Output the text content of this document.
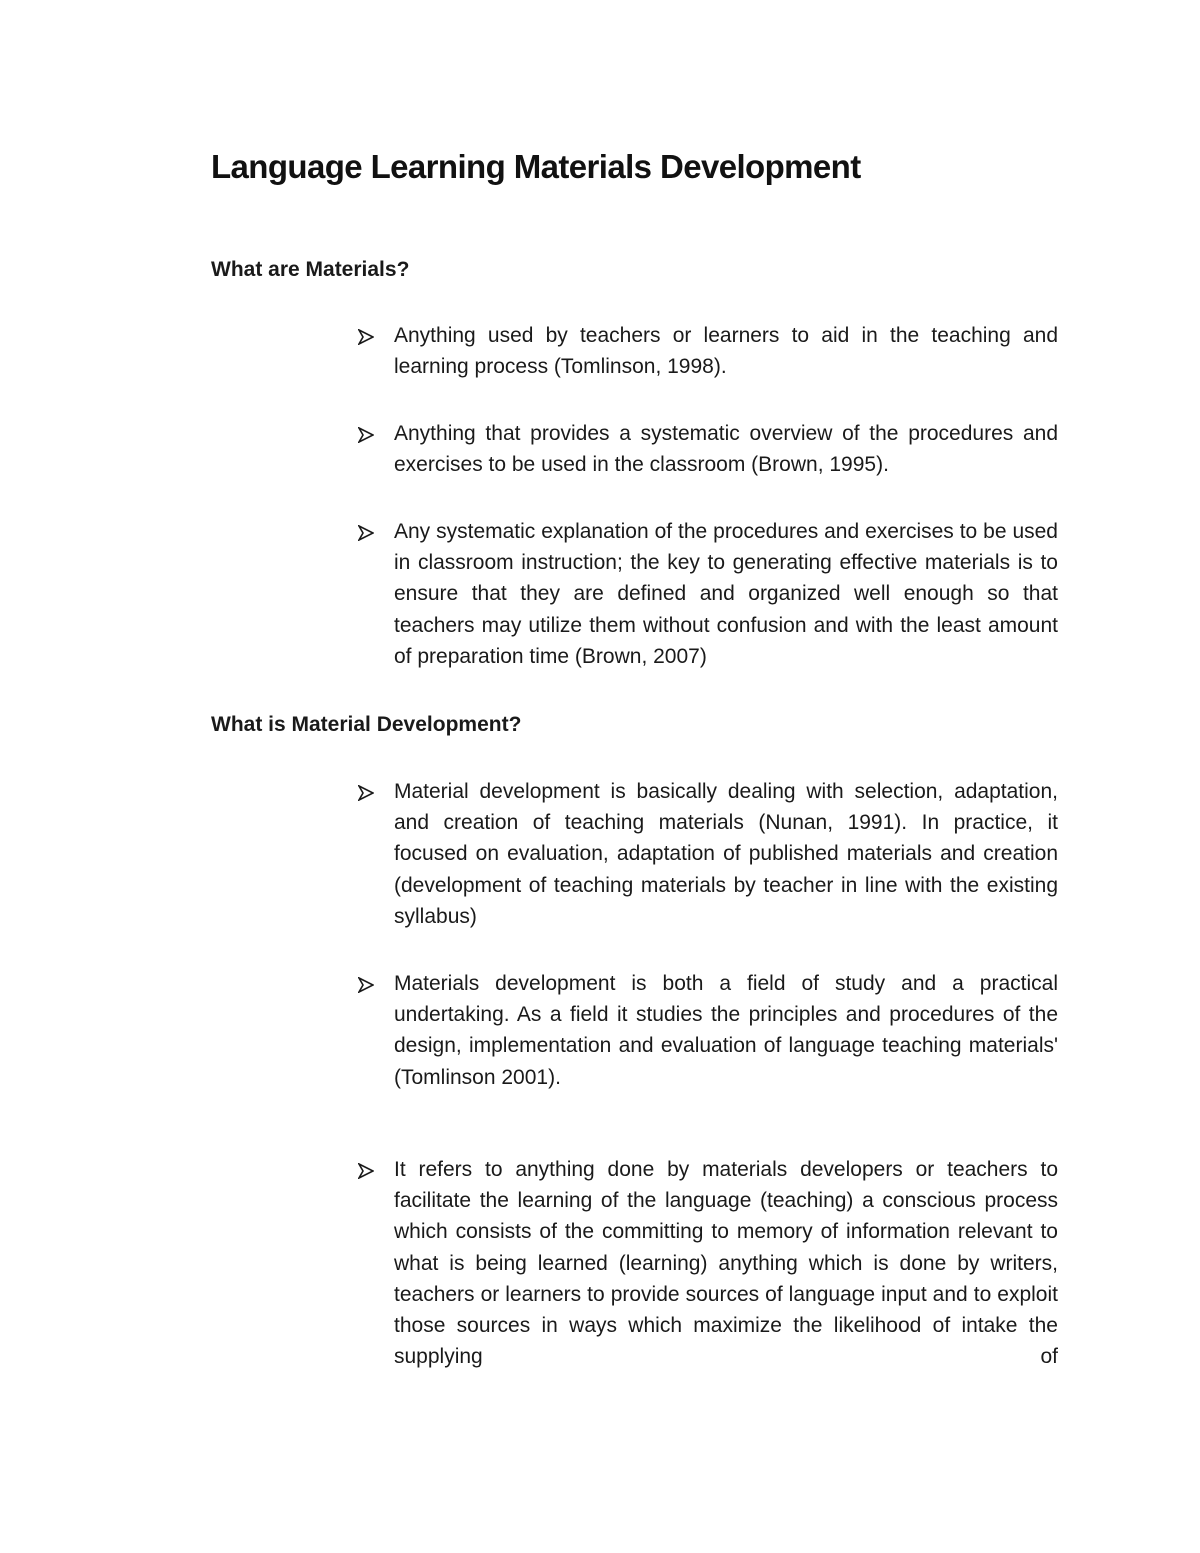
Language Learning Materials Development
What are Materials?
Anything used by teachers or learners to aid in the teaching and learning process (Tomlinson, 1998).
Anything that provides a systematic overview of the procedures and exercises to be used in the classroom (Brown, 1995).
Any systematic explanation of the procedures and exercises to be used in classroom instruction; the key to generating effective materials is to ensure that they are defined and organized well enough so that teachers may utilize them without confusion and with the least amount of preparation time (Brown, 2007)
What is Material Development?
Material development is basically dealing with selection, adaptation, and creation of teaching materials (Nunan, 1991). In practice, it focused on evaluation, adaptation of published materials and creation (development of teaching materials by teacher in line with the existing syllabus)
Materials development is both a field of study and a practical undertaking. As a field it studies the principles and procedures of the design, implementation and evaluation of language teaching materials' (Tomlinson 2001).
It refers to anything done by materials developers or teachers to facilitate the learning of the language (teaching) a conscious process which consists of the committing to memory of information relevant to what is being learned (learning) anything which is done by writers, teachers or learners to provide sources of language input and to exploit those sources in ways which maximize the likelihood of intake the supplying of
